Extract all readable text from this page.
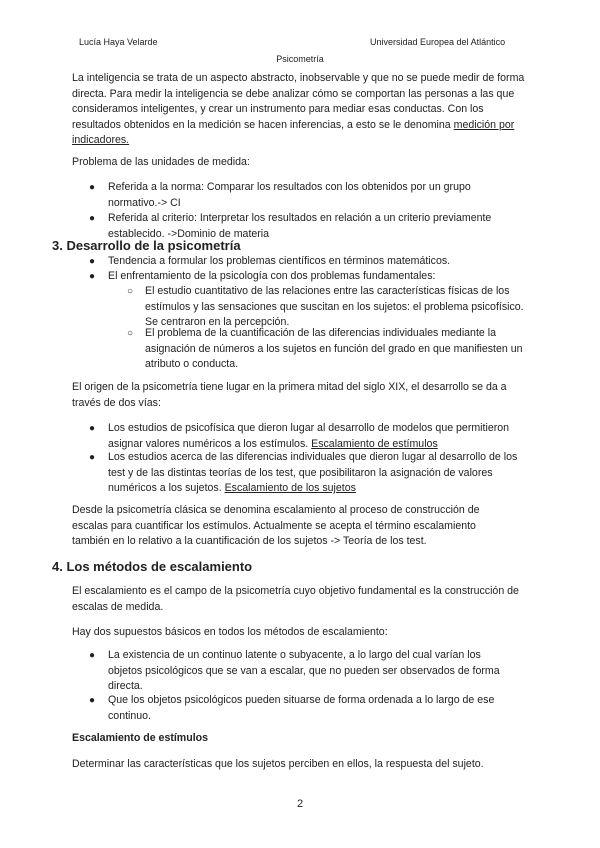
Lucía Haya Velarde	Universidad Europea del Atlántico
Psicometría

La inteligencia se trata de un aspecto abstracto, inobservable y que no se puede medir de forma directa. Para medir la inteligencia se debe analizar cómo se comportan las personas a las que consideramos inteligentes, y crear un instrumento para mediar esas conductas. Con los resultados obtenidos en la medición se hacen inferencias, a esto se le denomina medición por indicadores.

Problema de las unidades de medida:

● Referida a la norma: Comparar los resultados con los obtenidos por un grupo normativo.-> CI
● Referida al criterio: Interpretar los resultados en relación a un criterio previamente establecido. ->Dominio de materia
3. Desarrollo de la psicometría
● Tendencia a formular los problemas científicos en términos matemáticos.
● El enfrentamiento de la psicología con dos problemas fundamentales:
○ El estudio cuantitativo de las relaciones entre las características físicas de los estímulos y las sensaciones que suscitan en los sujetos: el problema psicofísico. Se centraron en la percepción.
○ El problema de la cuantificación de las diferencias individuales mediante la asignación de números a los sujetos en función del grado en que manifiesten un atributo o conducta.

El origen de la psicometría tiene lugar en la primera mitad del siglo XIX, el desarrollo se da a través de dos vías:

● Los estudios de psicofísica que dieron lugar al desarrollo de modelos que permitieron asignar valores numéricos a los estímulos. Escalamiento de estímulos
● Los estudios acerca de las diferencias individuales que dieron lugar al desarrollo de los test y de las distintas teorías de los test, que posibilitaron la asignación de valores numéricos a los sujetos. Escalamiento de los sujetos

Desde la psicometría clásica se denomina escalamiento al proceso de construcción de escalas para cuantificar los estímulos. Actualmente se acepta el término escalamiento también en lo relativo a la cuantificación de los sujetos -> Teoría de los test.

4. Los métodos de escalamiento

El escalamiento es el campo de la psicometría cuyo objetivo fundamental es la construcción de escalas de medida.

Hay dos supuestos básicos en todos los métodos de escalamiento:

● La existencia de un continuo latente o subyacente, a lo largo del cual varían los objetos psicológicos que se van a escalar, que no pueden ser observados de forma directa.
● Que los objetos psicológicos pueden situarse de forma ordenada a lo largo de ese continuo.
Escalamiento de estímulos

Determinar las características que los sujetos perciben en ellos, la respuesta del sujeto.

2
